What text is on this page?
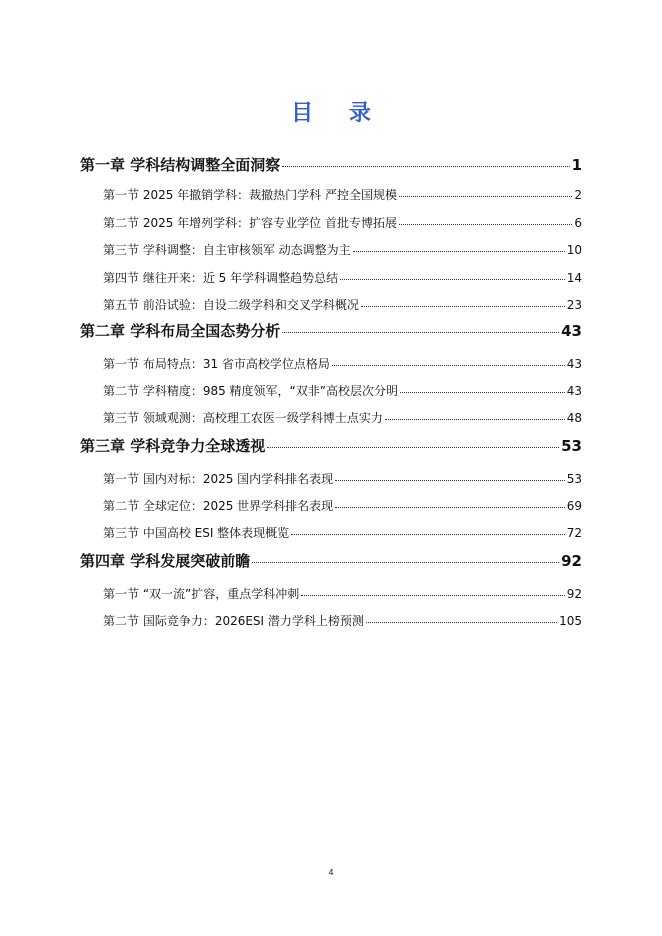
目 录
第一章 学科结构调整全面洞察	1
第一节 2025 年撤销学科：裁撤热门学科 严控全国规模	2
第二节 2025 年增列学科：扩容专业学位 首批专博拓展	6
第三节 学科调整：自主审核领军 动态调整为主	10
第四节 继往开来：近 5 年学科调整趋势总结	14
第五节 前沿试验：自设二级学科和交叉学科概况	23
第二章 学科布局全国态势分析	43
第一节 布局特点：31 省市高校学位点格局	43
第二节 学科精度：985 精度领军，“双非”高校层次分明	43
第三节 领域观测：高校理工农医一级学科博士点实力	48
第三章 学科竞争力全球透视	53
第一节 国内对标：2025 国内学科排名表现	53
第二节 全球定位：2025 世界学科排名表现	69
第三节 中国高校 ESI 整体表现概览	72
第四章 学科发展突破前瞻	92
第一节 “双一流”扩容，重点学科冲刺	92
第二节 国际竞争力：2026ESI 潜力学科上榜预测	105
4
